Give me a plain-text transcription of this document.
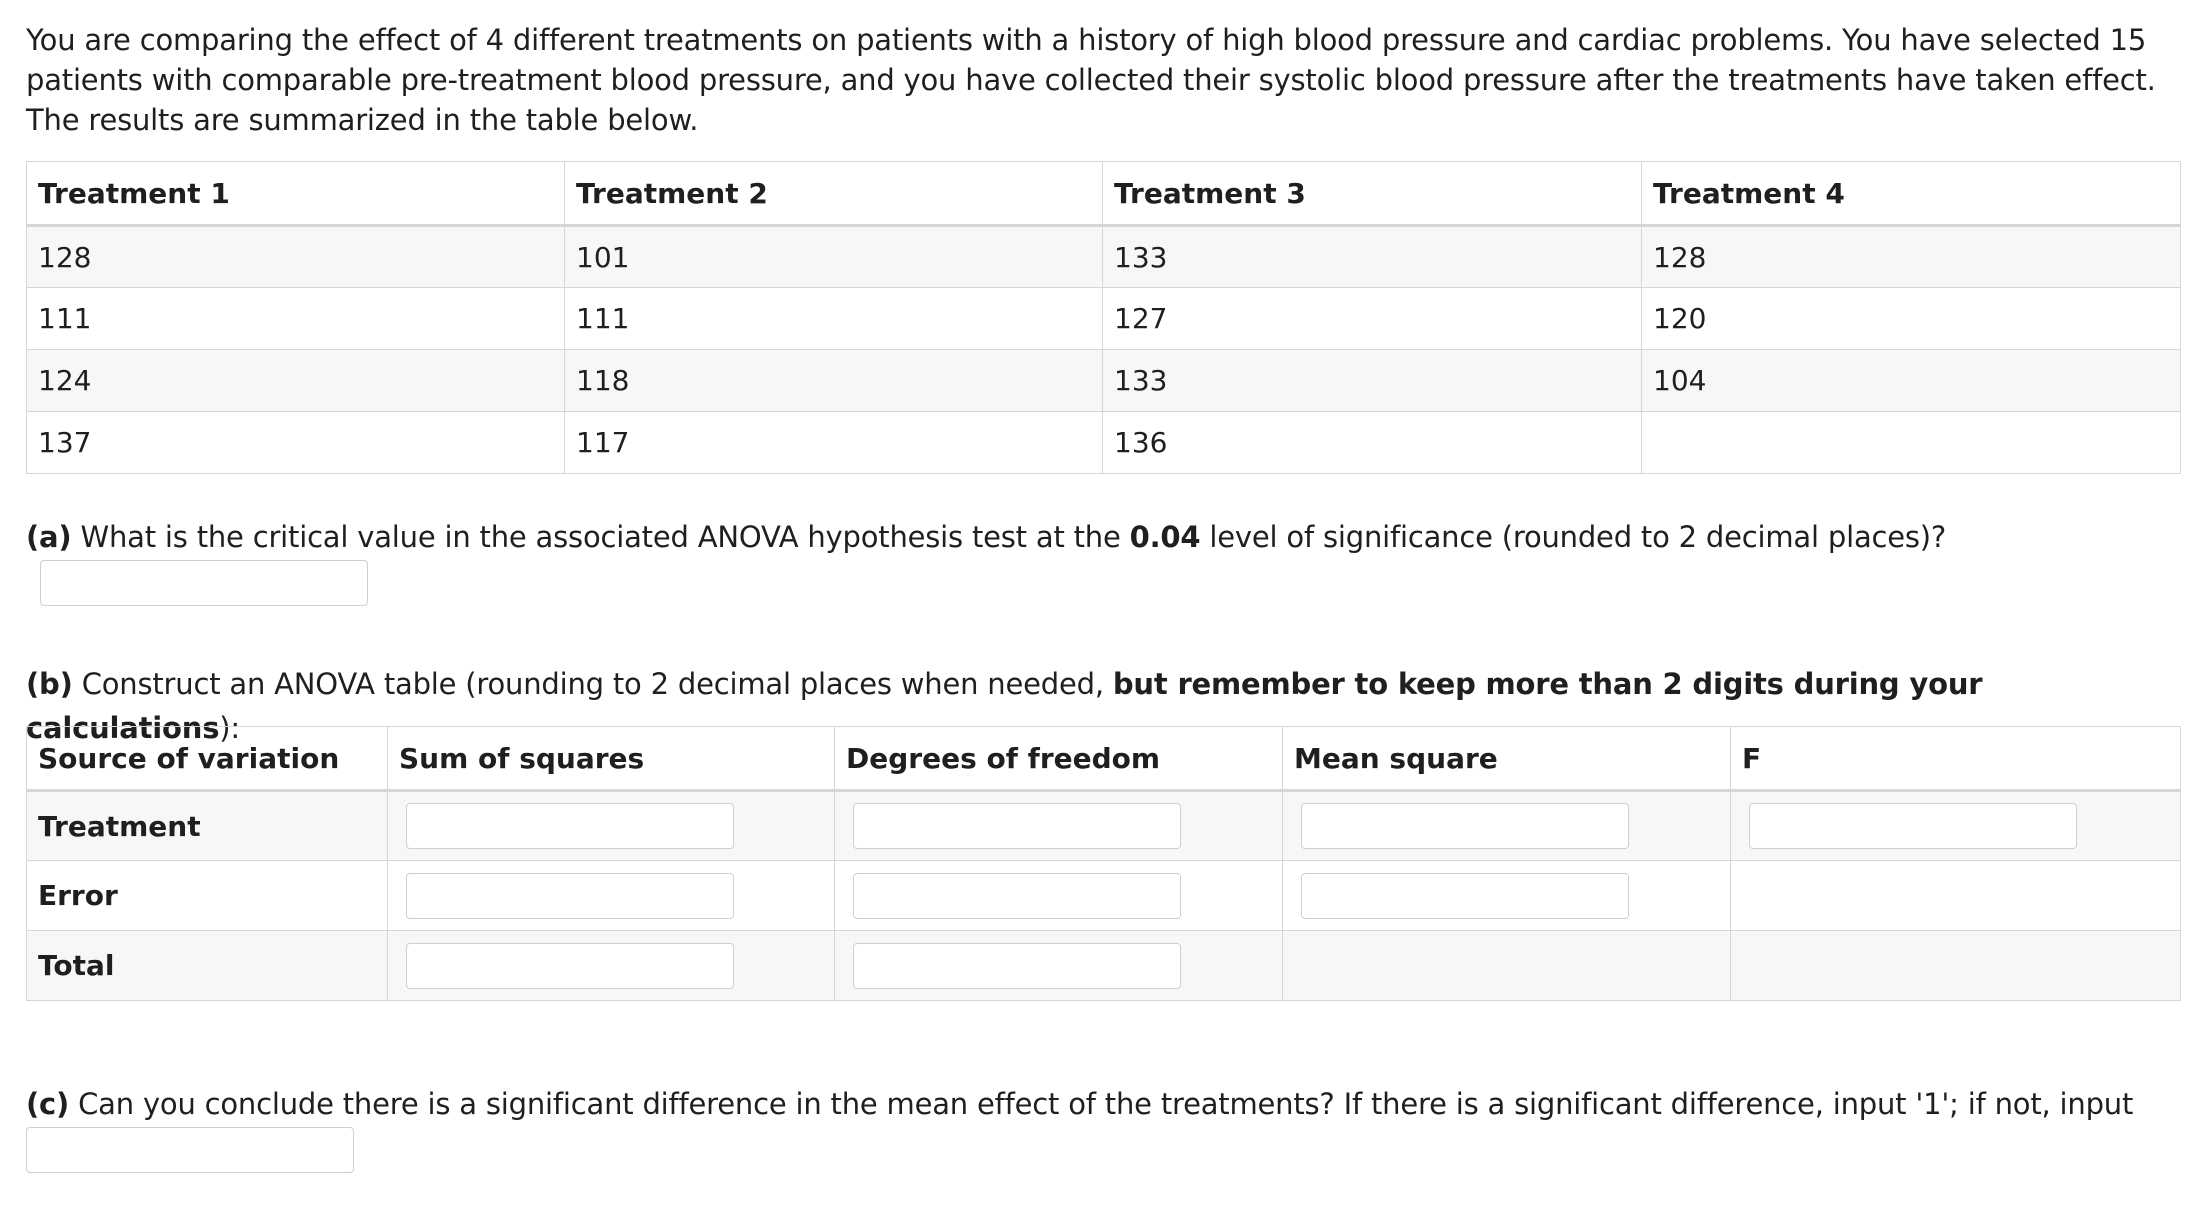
You are comparing the effect of 4 different treatments on patients with a history of high blood pressure and cardiac problems. You have selected 15 patients with comparable pre-treatment blood pressure, and you have collected their systolic blood pressure after the treatments have taken effect. The results are summarized in the table below.

Treatment 1	Treatment 2	Treatment 3	Treatment 4
128	101	133	128
111	111	127	120
124	118	133	104
137	117	136	
(a) What is the critical value in the associated ANOVA hypothesis test at the 0.04 level of significance (rounded to 2 decimal places)?
(b) Construct an ANOVA table (rounding to 2 decimal places when needed, but remember to keep more than 2 digits during your calculations):
Source of variation	Sum of squares	Degrees of freedom	Mean square	F
Treatment	

Error	

Total	

(c) Can you conclude there is a significant difference in the mean effect of the treatments? If there is a significant difference, input '1'; if not, input
